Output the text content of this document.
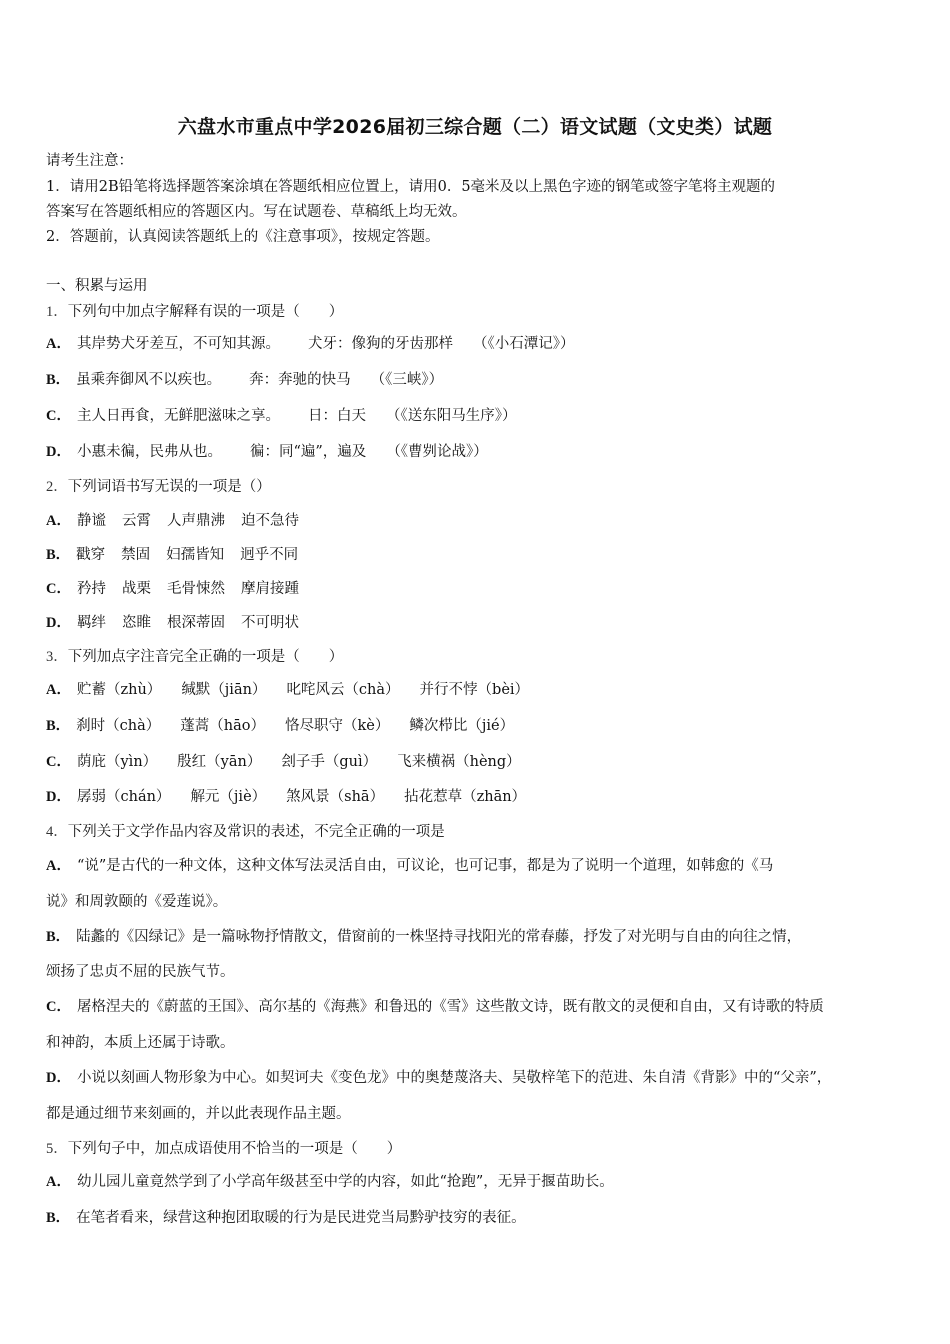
六盘水市重点中学2026届初三综合题（二）语文试题（文史类）试题
请考生注意：
1．请用2B铅笔将选择题答案涂填在答题纸相应位置上，请用0．5毫米及以上黑色字迹的钢笔或签字笔将主观题的
答案写在答题纸相应的答题区内。写在试题卷、草稿纸上均无效。
2．答题前，认真阅读答题纸上的《注意事项》，按规定答题。
一、积累与运用
1．下列句中加点字解释有误的一项是（　　）
A． 其岸势犬牙差互，不可知其源。 犬牙：像狗的牙齿那样 （《小石潭记》）
B． 虽乘奔御风不以疾也。 奔：奔驰的快马 （《三峡》）
C． 主人日再食，无鲜肥滋味之享。 日：白天 （《送东阳马生序》）
D． 小惠未徧，民弗从也。 徧：同“遍”，遍及 （《曹刿论战》）
2．下列词语书写无误的一项是（）
A． 静谧 云霄 人声鼎沸 迫不急待
B． 戳穿 禁固 妇孺皆知 迥乎不同
C． 矜持 战栗 毛骨悚然 摩肩接踵
D． 羁绊 恣睢 根深蒂固 不可明状
3．下列加点字注音完全正确的一项是（　　）
A． 贮蓄（zhù） 缄默（jiān） 叱咤风云（chà） 并行不悖（bèi）
B． 刹时（chà） 蓬蒿（hāo） 恪尽职守（kè） 鳞次栉比（jié）
C． 荫庇（yìn） 殷红（yān） 刽子手（guì） 飞来横祸（hèng）
D． 孱弱（chán） 解元（jiè） 煞风景（shā） 拈花惹草（zhān）
4．下列关于文学作品内容及常识的表述，不完全正确的一项是
A． “说”是古代的一种文体，这种文体写法灵活自由，可议论，也可记事，都是为了说明一个道理，如韩愈的《马
说》和周敦颐的《爱莲说》。
B． 陆蠡的《囚绿记》是一篇咏物抒情散文，借窗前的一株坚持寻找阳光的常春藤，抒发了对光明与自由的向往之情，
颂扬了忠贞不屈的民族气节。
C． 屠格涅夫的《蔚蓝的王国》、高尔基的《海燕》和鲁迅的《雪》这些散文诗，既有散文的灵便和自由，又有诗歌的特质
和神韵，本质上还属于诗歌。
D． 小说以刻画人物形象为中心。如契诃夫《变色龙》中的奥楚蔑洛夫、吴敬梓笔下的范进、朱自清《背影》中的“父亲”，
都是通过细节来刻画的，并以此表现作品主题。
5．下列句子中，加点成语使用不恰当的一项是（　　）
A． 幼儿园儿童竟然学到了小学高年级甚至中学的内容，如此“抢跑”，无异于揠苗助长。
B． 在笔者看来，绿营这种抱团取暖的行为是民进党当局黔驴技穷的表征。
